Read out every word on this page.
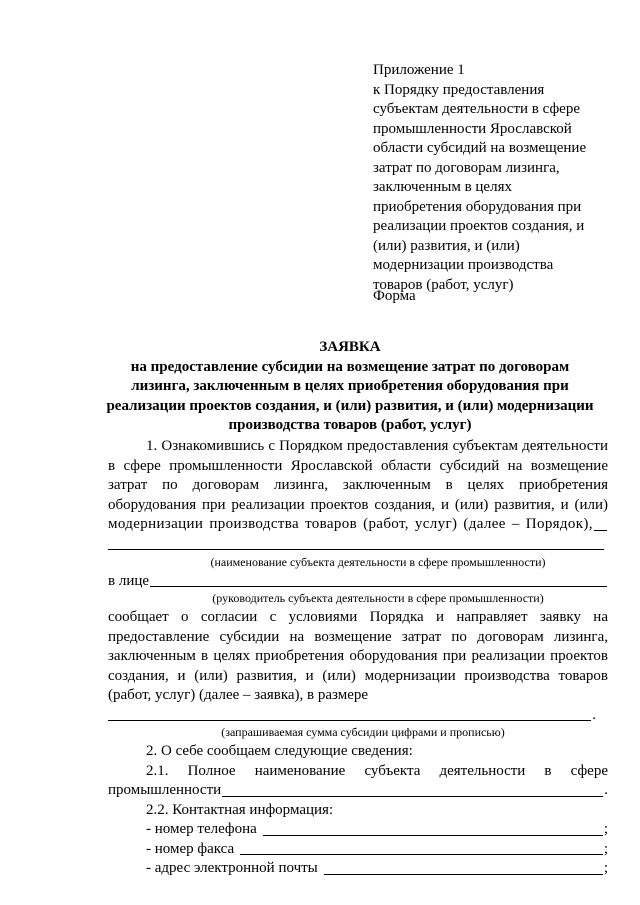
Приложение 1
к Порядку предоставления
субъектам деятельности в сфере
промышленности Ярославской
области субсидий на возмещение
затрат по договорам лизинга,
заключенным в целях
приобретения оборудования при
реализации проектов создания, и
(или) развития, и (или)
модернизации производства
товаров (работ, услуг)
Форма
ЗАЯВКА
на предоставление субсидии на возмещение затрат по договорам
лизинга, заключенным в целях приобретения оборудования при
реализации проектов создания, и (или) развития, и (или) модернизации
производства товаров (работ, услуг)
1. Ознакомившись с Порядком предоставления субъектам деятельности
в сфере промышленности Ярославской области субсидий на возмещение
затрат по договорам лизинга, заключенным в целях приобретения
оборудования при реализации проектов создания, и (или) развития, и (или)
модернизации производства товаров (работ, услуг) (далее – Порядок),
(наименование субъекта деятельности в сфере промышленности)
в лице
(руководитель субъекта деятельности в сфере промышленности)
сообщает о согласии с условиями Порядка и направляет заявку на
предоставление субсидии на возмещение затрат по договорам лизинга,
заключенным в целях приобретения оборудования при реализации проектов
создания, и (или) развития, и (или) модернизации производства товаров
(работ, услуг) (далее – заявка), в размере
.
(запрашиваемая сумма субсидии цифрами и прописью)
2. О себе сообщаем следующие сведения:
2.1. Полное наименование субъекта деятельности в сфере
промышленности	.
2.2. Контактная информация:
- номер телефона	;
- номер факса	;
- адрес электронной почты	;
